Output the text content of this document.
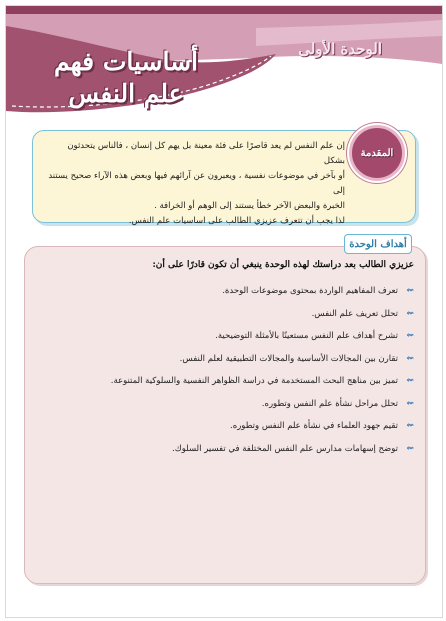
الوحدة الأولى
أساسيات فهم
علم النفس
المقدمة

إن علم النفس لم يعد قاصرًا على فئة معينة بل يهم كل إنسان ، فالناس يتحدثون بشكل

أو بآخر في موضوعات نفسية ، ويعبرون عن آرائهم فيها وبعض هذه الآراء صحيح يستند إلى

الخبرة والبعض الآخر خطأ يستند إلى الوهم أو الخرافة .

لذا يجب أن تتعرف عزيزي الطالب على اساسيات علم النفس.

أهداف الوحدة
عزيزي الطالب بعد دراستك لهذه الوحدة ينبغي أن تكون قادرًا على أن:
⇜
تعرف المفاهيم الواردة بمحتوى موضوعات الوحدة.
⇜
تحلل تعريف علم النفس.
⇜
تشرح أهداف علم النفس مستعينًا بالأمثلة التوضيحية.
⇜
تقارن بين المجالات الأساسية والمجالات التطبيقية لعلم النفس.
⇜
تميز بين مناهج البحث المستخدمة في دراسة الظواهر النفسية والسلوكية المتنوعة.
⇜
تحلل مراحل نشأة علم النفس وتطوره.
⇜
تقيم جهود العلماء في نشأة علم النفس وتطوره.
⇜
توضح إسهامات مدارس علم النفس المختلفة في تفسير السلوك.
